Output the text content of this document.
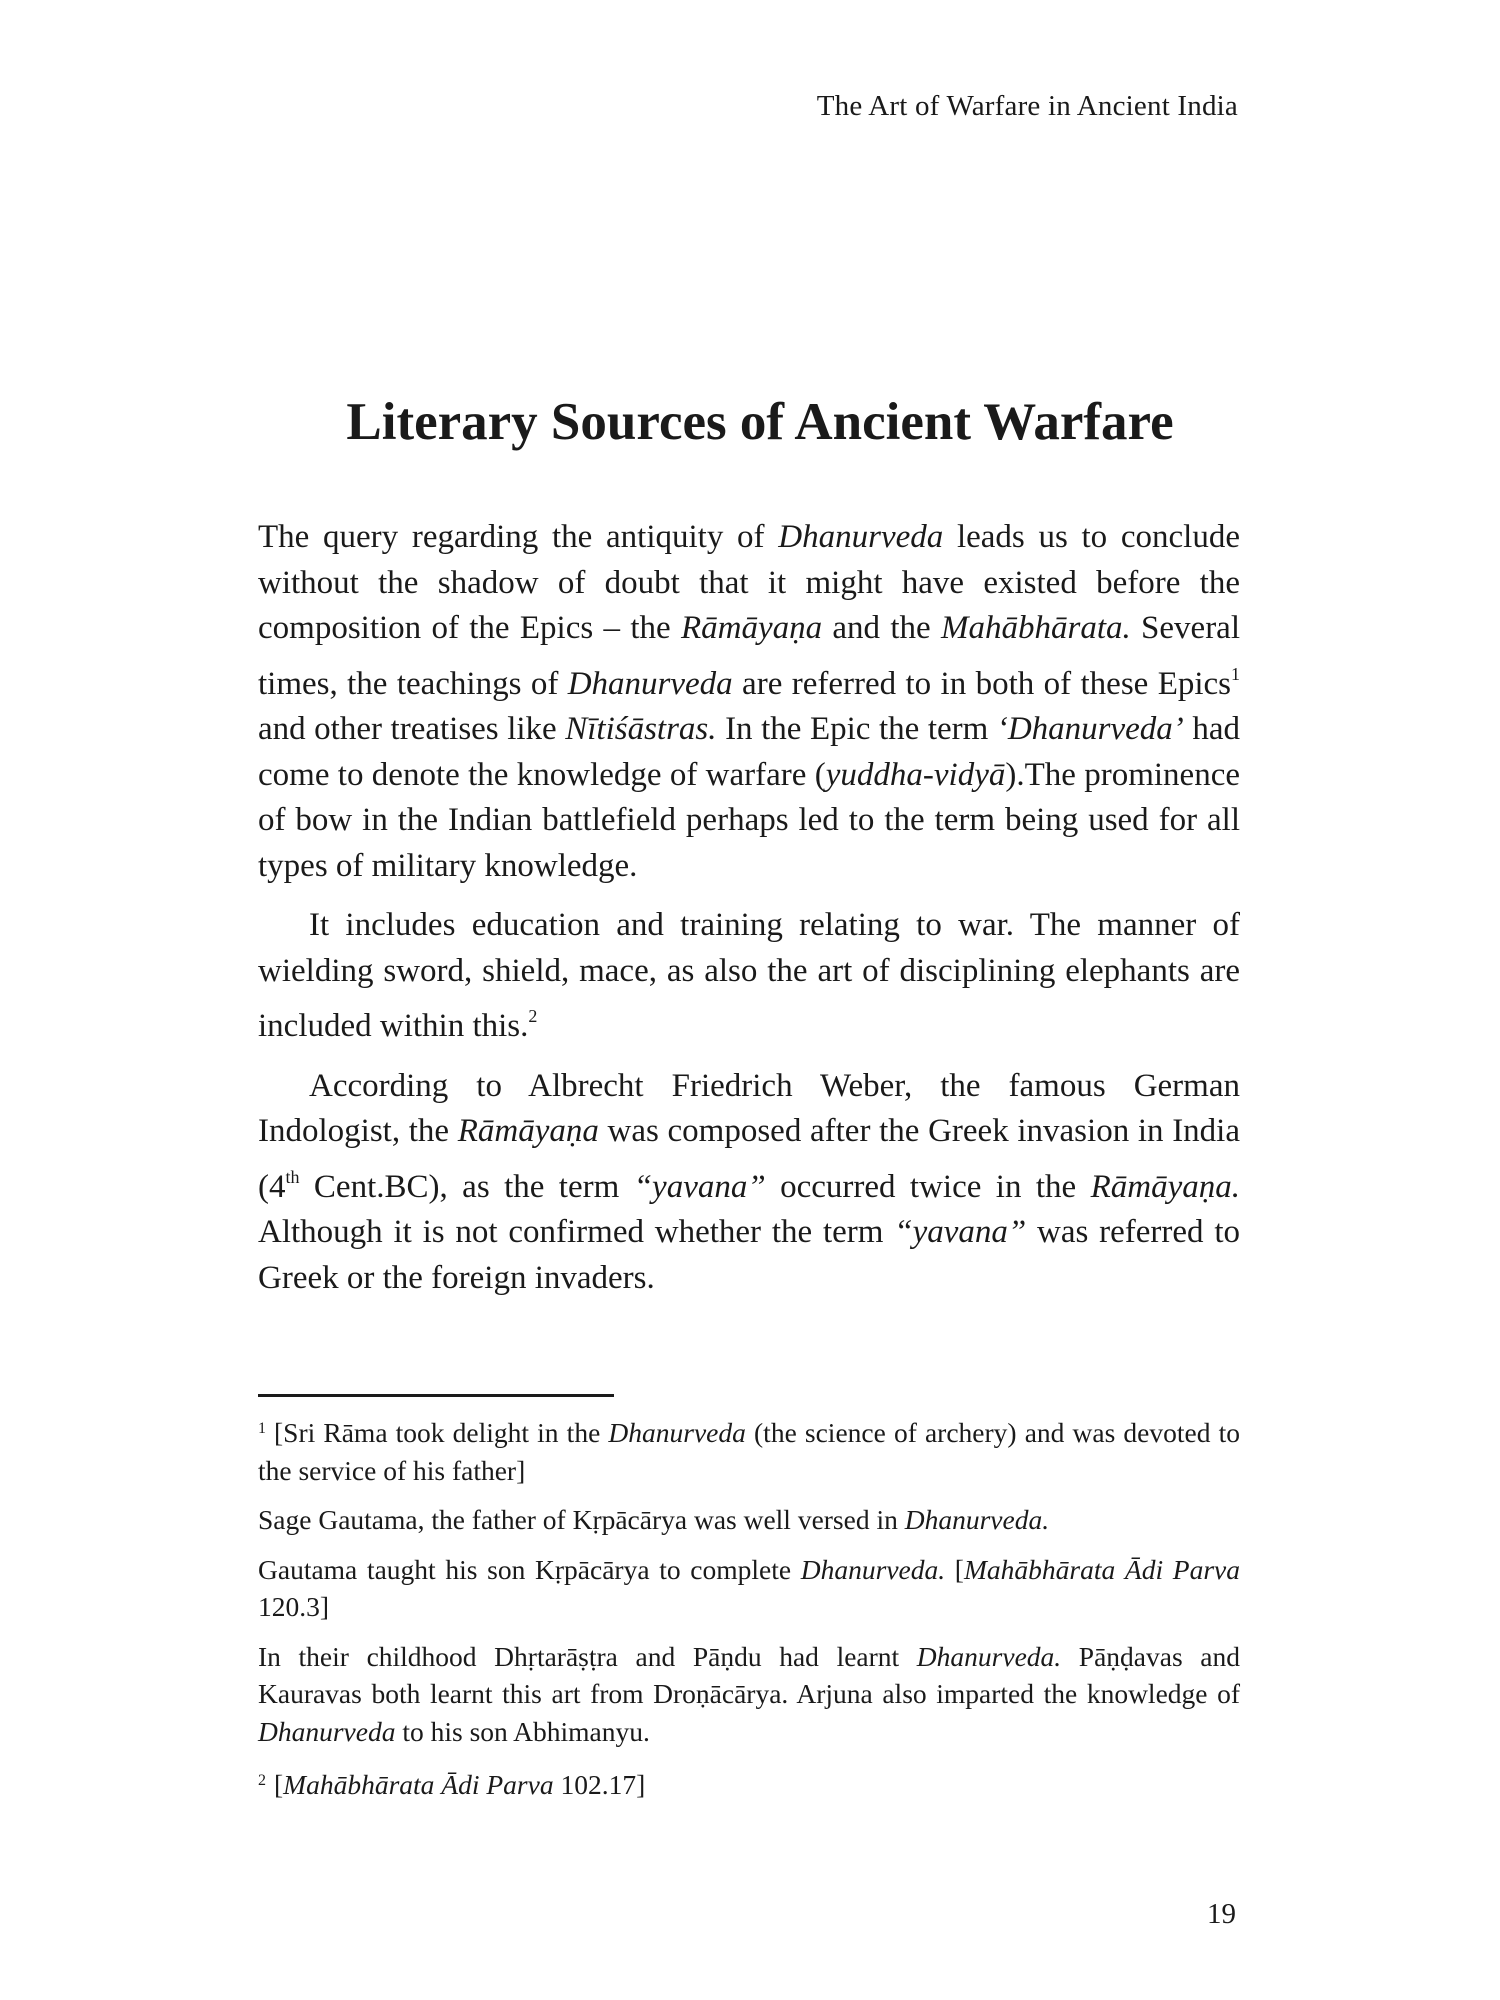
The Art of Warfare in Ancient India
Literary Sources of Ancient Warfare

The query regarding the antiquity of Dhanurveda leads us to conclude without the shadow of doubt that it might have existed before the composition of the Epics – the Rāmāyaṇa and the Mahābhārata. Several times, the teachings of Dhanurveda are referred to in both of these Epics$^1$ and other treatises like Nītiśāstras. In the Epic the term ‘Dhanurveda’ had come to denote the knowledge of warfare (yuddha-vidyā).The prominence of bow in the Indian battlefield perhaps led to the term being used for all types of military knowledge.

It includes education and training relating to war. The manner of wielding sword, shield, mace, as also the art of disciplining elephants are included within this.$^2$

According to Albrecht Friedrich Weber, the famous German Indologist, the Rāmāyaṇa was composed after the Greek invasion in India (4th Cent.BC), as the term “yavana” occurred twice in the Rāmāyaṇa. Although it is not confirmed whether the term “yavana” was referred to Greek or the foreign invaders.

$^1$ [Sri Rāma took delight in the Dhanurveda (the science of archery) and was devoted to the service of his father]

Sage Gautama, the father of Kṛpācārya was well versed in Dhanurveda.

Gautama taught his son Kṛpācārya to complete Dhanurveda. [Mahābhārata Ādi Parva 120.3]

In their childhood Dhṛtarāṣṭra and Pāṇdu had learnt Dhanurveda. Pāṇḍavas and Kauravas both learnt this art from Droṇācārya. Arjuna also imparted the knowledge of Dhanurveda to his son Abhimanyu.

$^2$ [Mahābhārata Ādi Parva 102.17]

19
